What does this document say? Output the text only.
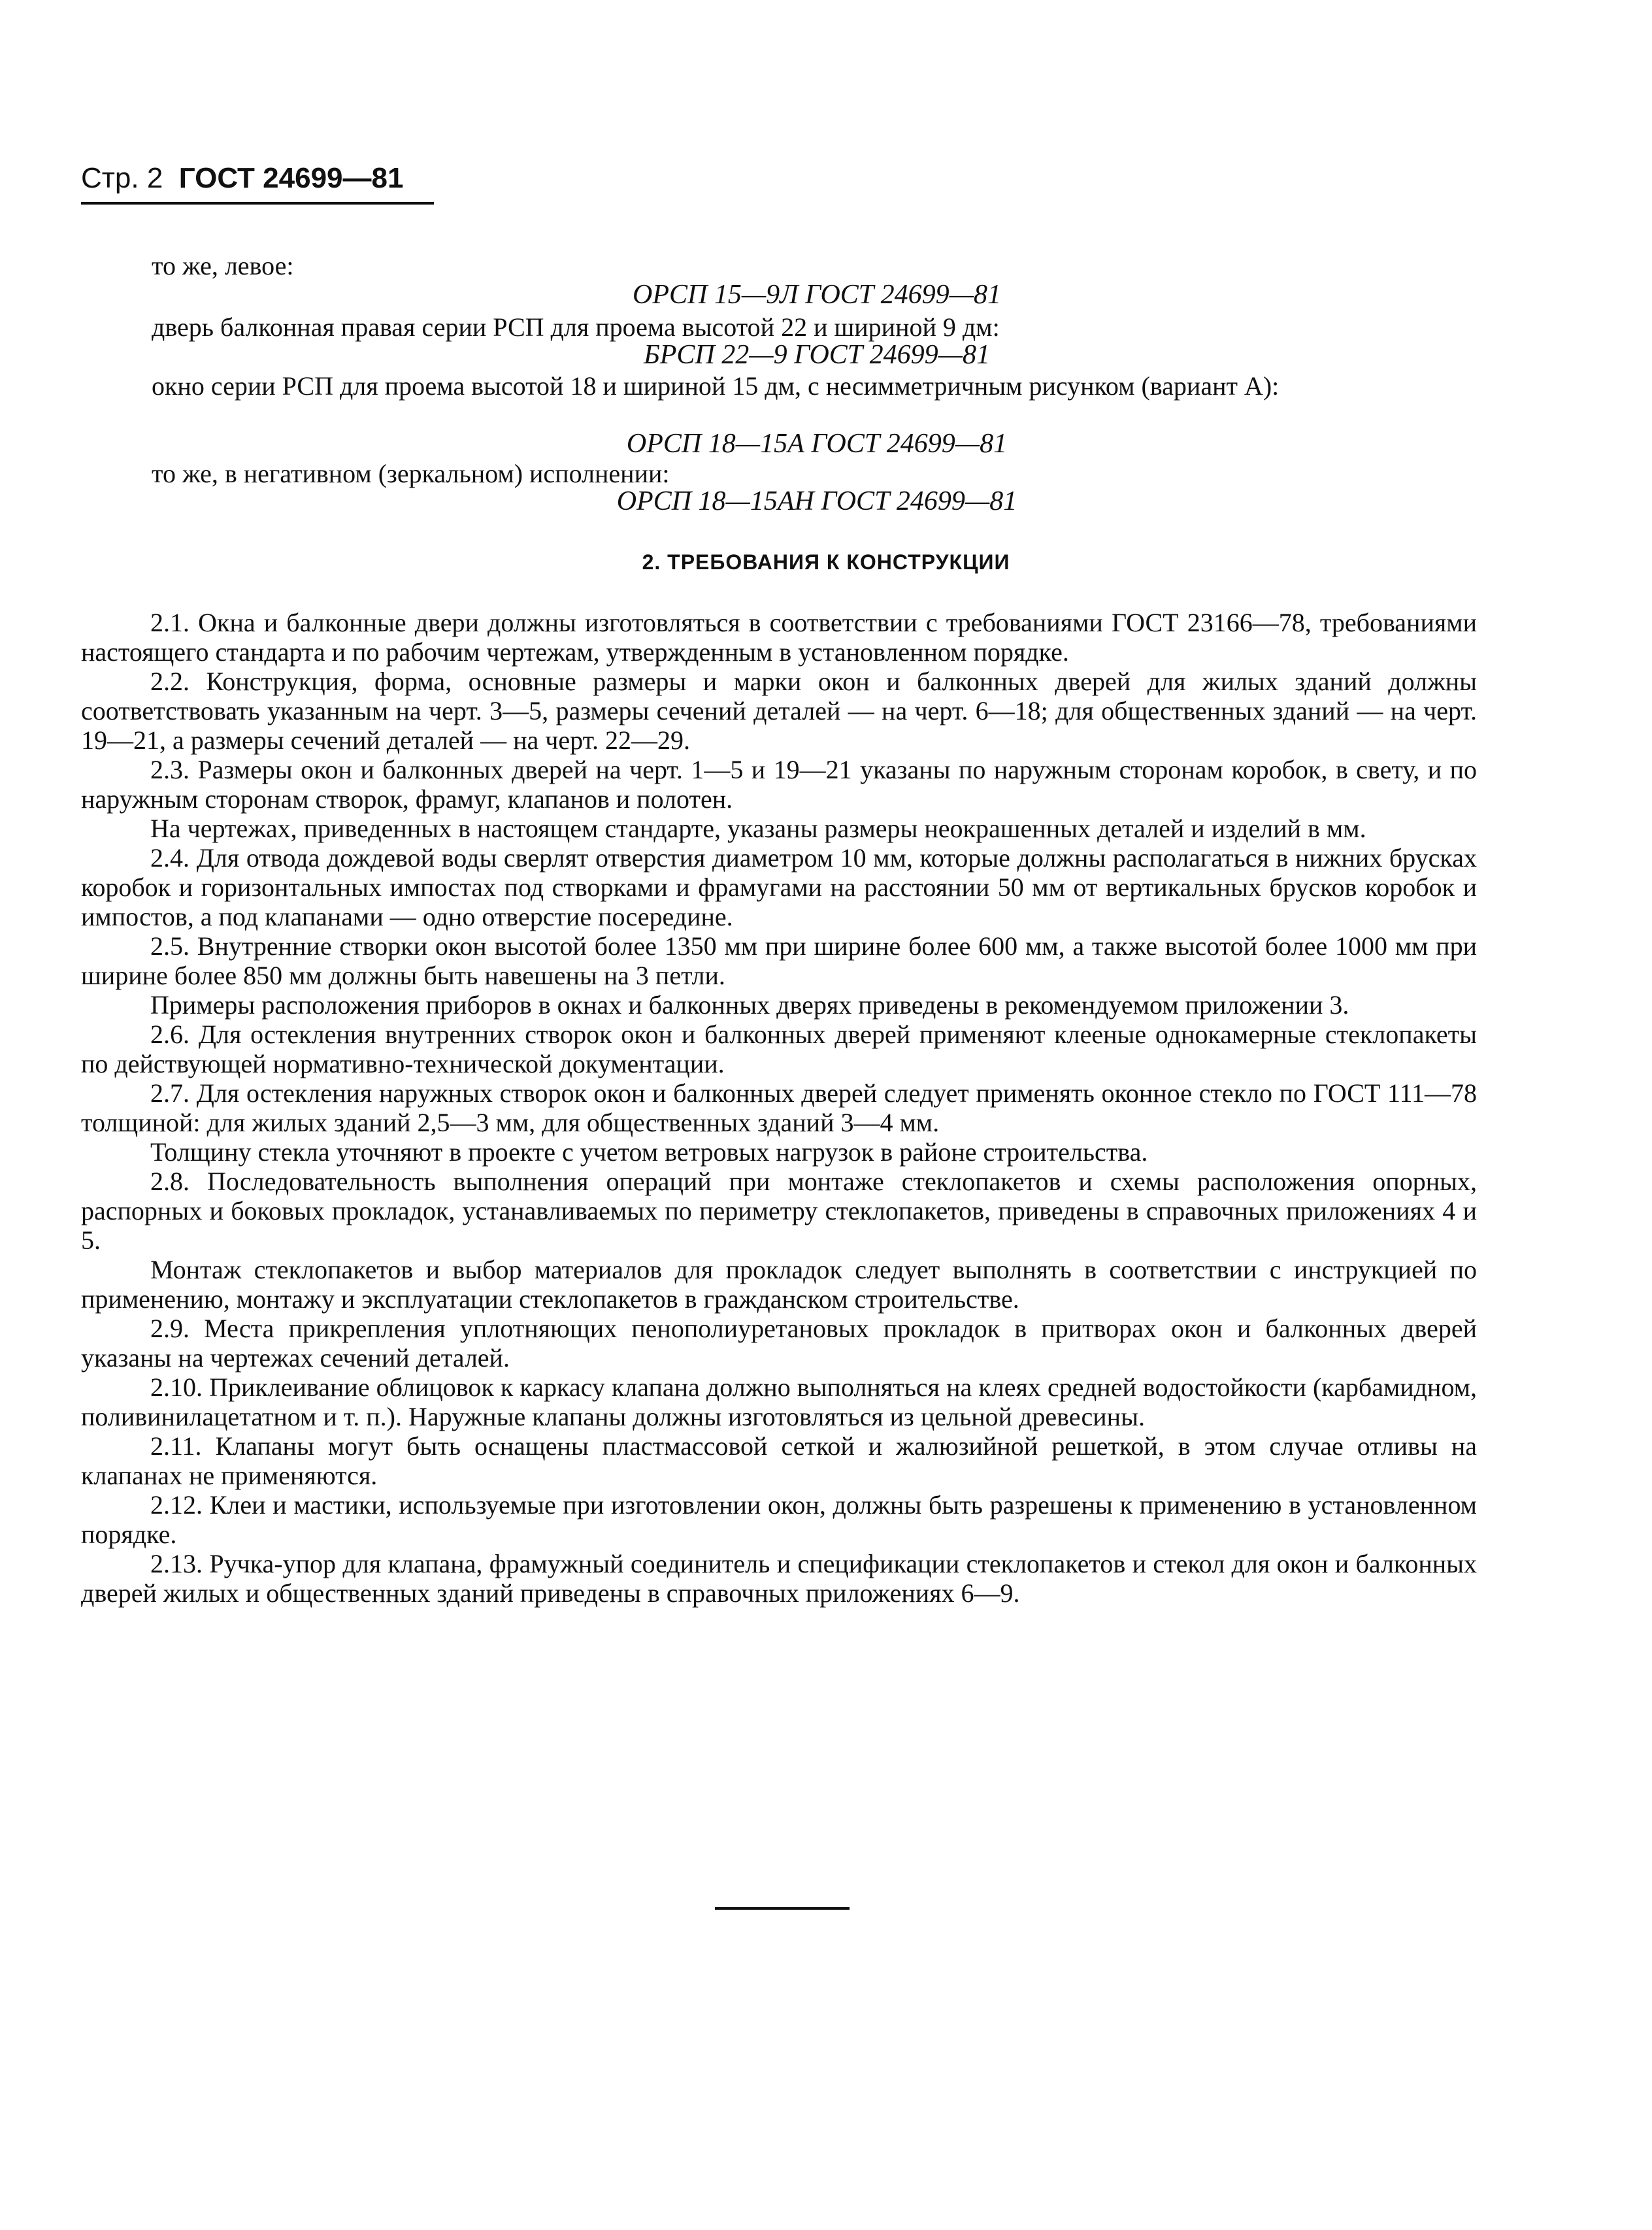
Стр. 2 ГОСТ 24699—81
то же, левое:
ОРСП 15—9Л ГОСТ 24699—81
дверь балконная правая серии РСП для проема высотой 22 и шириной 9 дм:
БРСП 22—9 ГОСТ 24699—81
окно серии РСП для проема высотой 18 и шириной 15 дм, с несимметричным рисунком (вариант А):
ОРСП 18—15А ГОСТ 24699—81
то же, в негативном (зеркальном) исполнении:
ОРСП 18—15АН ГОСТ 24699—81
2. ТРЕБОВАНИЯ К КОНСТРУКЦИИ

2.1. Окна и балконные двери должны изготовляться в соответствии с требованиями ГОСТ 23166—78, требованиями настоящего стандарта и по рабочим чертежам, утвержденным в установленном порядке.

2.2. Конструкция, форма, основные размеры и марки окон и балконных дверей для жилых зданий должны соответствовать указанным на черт. 3—5, размеры сечений деталей — на черт. 6—18; для общественных зданий — на черт. 19—21, а размеры сечений деталей — на черт. 22—29.

2.3. Размеры окон и балконных дверей на черт. 1—5 и 19—21 указаны по наружным сторонам коробок, в свету, и по наружным сторонам створок, фрамуг, клапанов и полотен.

На чертежах, приведенных в настоящем стандарте, указаны размеры неокрашенных деталей и изделий в мм.

2.4. Для отвода дождевой воды сверлят отверстия диаметром 10 мм, которые должны располагаться в нижних брусках коробок и горизонтальных импостах под створками и фрамугами на расстоянии 50 мм от вертикальных брусков коробок и импостов, а под клапанами — одно отверстие посередине.

2.5. Внутренние створки окон высотой более 1350 мм при ширине более 600 мм, а также высотой более 1000 мм при ширине более 850 мм должны быть навешены на 3 петли.

Примеры расположения приборов в окнах и балконных дверях приведены в рекомендуемом приложении 3.

2.6. Для остекления внутренних створок окон и балконных дверей применяют клееные однокамерные стеклопакеты по действующей нормативно-технической документации.

2.7. Для остекления наружных створок окон и балконных дверей следует применять оконное стекло по ГОСТ 111—78 толщиной: для жилых зданий 2,5—3 мм, для общественных зданий 3—4 мм.

Толщину стекла уточняют в проекте с учетом ветровых нагрузок в районе строительства.

2.8. Последовательность выполнения операций при монтаже стеклопакетов и схемы расположения опорных, распорных и боковых прокладок, устанавливаемых по периметру стеклопакетов, приведены в справочных приложениях 4 и 5.

Монтаж стеклопакетов и выбор материалов для прокладок следует выполнять в соответствии с инструкцией по применению, монтажу и эксплуатации стеклопакетов в гражданском строительстве.

2.9. Места прикрепления уплотняющих пенополиуретановых прокладок в притворах окон и балконных дверей указаны на чертежах сечений деталей.

2.10. Приклеивание облицовок к каркасу клапана должно выполняться на клеях средней водостойкости (карбамидном, поливинилацетатном и т. п.). Наружные клапаны должны изготовляться из цельной древесины.

2.11. Клапаны могут быть оснащены пластмассовой сеткой и жалюзийной решеткой, в этом случае отливы на клапанах не применяются.

2.12. Клеи и мастики, используемые при изготовлении окон, должны быть разрешены к применению в установленном порядке.

2.13. Ручка-упор для клапана, фрамужный соединитель и спецификации стеклопакетов и стекол для окон и балконных дверей жилых и общественных зданий приведены в справочных приложениях 6—9.
